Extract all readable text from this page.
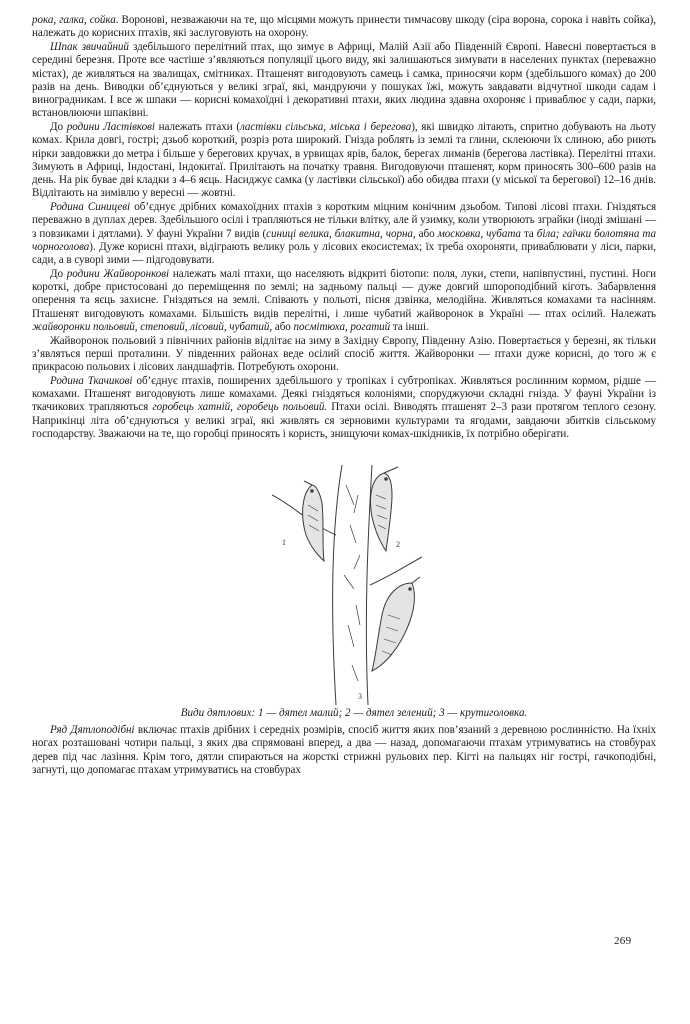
рока, галка, сойка. Воронові, незважаючи на те, що місцями можуть принести тимчасову шкоду (сіра ворона, сорока і навіть сойка), належать до корисних птахів, які заслуговують на охорону.

Шпак звичайний здебільшого перелітний птах, що зимує в Африці, Малій Азії або Південній Європі. Навесні повертається в середині березня. Проте все частіше з’являються популяції цього виду, які залишаються зимувати в населених пунктах (переважно містах), де живляться на звалищах, смітниках. Пташенят вигодовують самець і самка, приносячи корм (здебільшого комах) до 200 разів на день. Виводки об’єднуються у великі зграї, які, мандруючи у пошуках їжі, можуть завдавати відчутної шкоди садам і виноградникам. І все ж шпаки — корисні комахоїдні і декоративні птахи, яких людина здавна охороняє і приваблює у сади, парки, встановлюючи шпаківні.

До родини Ластівкові належать птахи (ластівки сільська, міська і берегова), які швидко літають, спритно добувають на льоту комах. Крила довгі, гострі; дзьоб короткий, розріз рота широкий. Гнізда роблять із землі та глини, склеюючи їх слиною, або риють нірки завдовжки до метра і більше у берегових кручах, в урвищах ярів, балок, берегах лиманів (берегова ластівка). Перелітні птахи. Зимують в Африці, Індостані, Індокитаї. Прилітають на початку травня. Вигодовуючи пташенят, корм приносять 300–600 разів на день. На рік бувае дві кладки з 4–6 яєць. Насиджує самка (у ластівки сільської) або обидва птахи (у міської та берегової) 12–16 днів. Відлітають на зимівлю у вересні — жовтні.

Родина Синицеві об’єднує дрібних комахоїдних птахів з коротким міцним конічним дзьобом. Типові лісові птахи. Гніздяться переважно в дуплах дерев. Здебільшого осілі і трапляються не тільки влітку, але й узимку, коли утворюють зграйки (іноді змішані — з повзиками і дятлами). У фауні України 7 видів (синиці велика, блакитна, чорна, або московка, чубата та біла; гаїчки болотяна та чорноголова). Дуже корисні птахи, відіграють велику роль у лісових екосистемах; їх треба охороняти, приваблювати у ліси, парки, сади, а в суворі зими — підгодовувати.

До родини Жайворонкові належать малі птахи, що населяють відкриті біотопи: поля, луки, степи, напівпустині, пустині. Ноги короткі, добре пристосовані до переміщення по землі; на задньому пальці — дуже довгий шпороподібний кіготь. Забарвлення оперення та яєць захисне. Гніздяться на землі. Співають у польоті, пісня дзвінка, мелодійна. Живляться комахами та насінням. Пташенят вигодовують комахами. Більшість видів перелітні, і лише чубатий жайворонок в Україні — птах осілий. Належать жайворонки польовий, степовий, лісовий, чубатий, або посмітюха, рогатий та інші.

Жайворонок польовий з північних районів відлітає на зиму в Західну Європу, Південну Азію. Повертається у березні, як тільки з’являться перші проталини. У південних районах веде осілий спосіб життя. Жайворонки — птахи дуже корисні, до того ж є прикрасою польових і лісових ландшафтів. Потребують охорони.

Родина Ткачикові об’єднує птахів, поширених здебільшого у тропіках і субтропіках. Живляться рослинним кормом, рідше — комахами. Пташенят вигодовують лише комахами. Деякі гніздяться колоніями, споруджуючи складні гнізда. У фауні України із ткачикових трапляються горобець хатній, горобець польовий. Птахи осілі. Виводять пташенят 2–3 рази протягом теплого сезону. Наприкінці літа об’єднуються у великі зграї, які живлять ся зерновими культурами та ягодами, завдаючи збитків сільському господарству. Зважаючи на те, що горобці приносять і користь, знищуючи комах-шкідників, їх потрібно оберігати.

1	2
3
Види дятлових: 1 — дятел малий; 2 — дятел зелений; 3 — крутиголовка.

Ряд Дятлоподібні включає птахів дрібних і середніх розмірів, спосіб життя яких пов’язаний з деревною рослинністю. На їхніх ногах розташовані чотири пальці, з яких два спрямовані вперед, а два — назад, допомагаючи птахам утримуватись на стовбурах дерев під час лазіння. Крім того, дятли спираються на жорсткі стрижні рульових пер. Кігті на пальцях ніг гострі, гачкоподібні, загнуті, що допомагає птахам утримуватись на стовбурах

269
